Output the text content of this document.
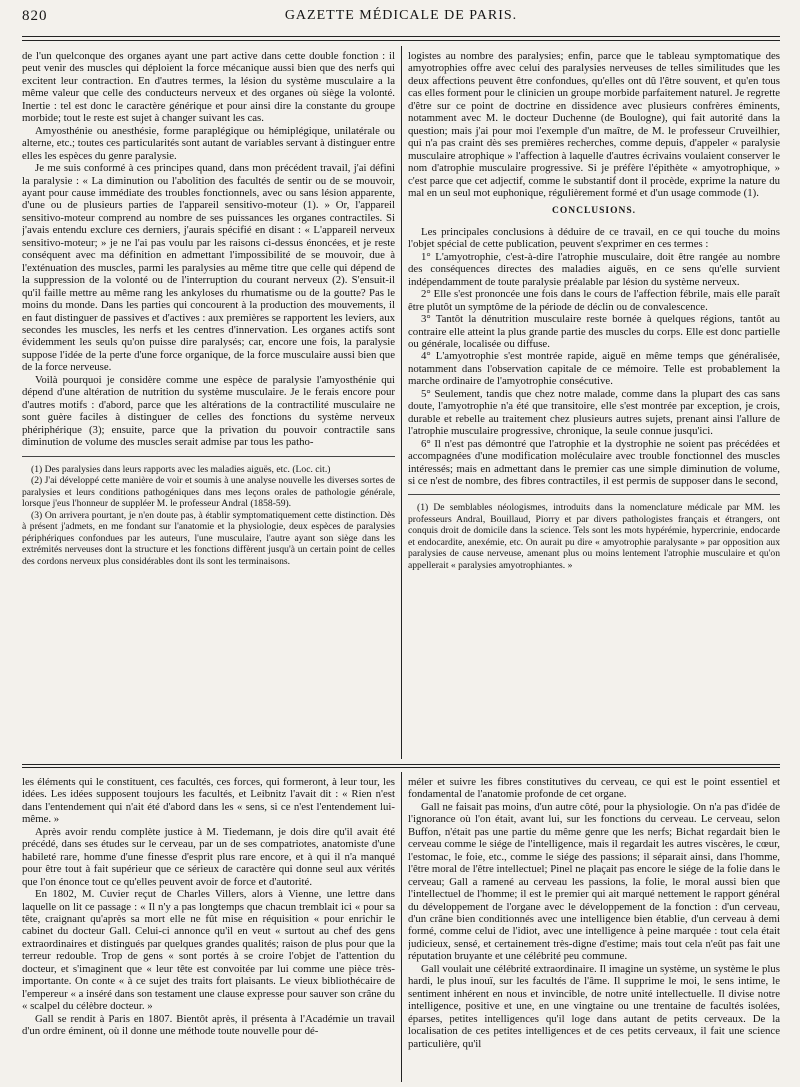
820	GAZETTE MÉDICALE DE PARIS.

de l'un quelconque des organes ayant une part active dans cette double fonction : il peut venir des muscles qui déploient la force mécanique aussi bien que des nerfs qui excitent leur contraction. En d'autres termes, la lésion du système musculaire a la même valeur que celle des conducteurs nerveux et des organes où siège la volonté. Inertie : tel est donc le caractère générique et pour ainsi dire la constante du groupe morbide; tout le reste est sujet à changer suivant les cas.

Amyosthénie ou anesthésie, forme paraplégique ou hémiplégique, unilatérale ou alterne, etc.; toutes ces particularités sont autant de variables servant à distinguer entre elles les espèces du genre paralysie.

Je me suis conformé à ces principes quand, dans mon précédent travail, j'ai défini la paralysie : « La diminution ou l'abolition des facultés de sentir ou de se mouvoir, ayant pour cause immédiate des troubles fonctionnels, avec ou sans lésion apparente, d'une ou de plusieurs parties de l'appareil sensitivo-moteur (1). » Or, l'appareil sensitivo-moteur comprend au nombre de ses puissances les organes contractiles. Si j'avais entendu exclure ces derniers, j'aurais spécifié en disant : « L'appareil nerveux sensitivo-moteur; » je ne l'ai pas voulu par les raisons ci-dessus énoncées, et je reste conséquent avec ma définition en admettant l'impossibilité de se mouvoir, due à l'exténuation des muscles, parmi les paralysies au même titre que celle qui dépend de la suppression de la volonté ou de l'interruption du courant nerveux (2). S'ensuit-il qu'il faille mettre au même rang les ankyloses du rhumatisme ou de la goutte? Pas le moins du monde. Dans les parties qui concourent à la production des mouvements, il en faut distinguer de passives et d'actives : aux premières se rapportent les leviers, aux secondes les muscles, les nerfs et les centres d'innervation. Les organes actifs sont évidemment les seuls qu'on puisse dire paralysés; car, encore une fois, la paralysie suppose l'idée de la perte d'une force organique, de la force musculaire aussi bien que de la force nerveuse.

Voilà pourquoi je considère comme une espèce de paralysie l'amyosthénie qui dépend d'une altération de nutrition du système musculaire. Je le ferais encore pour d'autres motifs : d'abord, parce que les altérations de la contractilité musculaire ne sont guère faciles à distinguer de celles des fonctions du système nerveux phériphérique (3); ensuite, parce que la privation du pouvoir contractile sans diminution de volume des muscles serait admise par tous les patho-

(1) Des paralysies dans leurs rapports avec les maladies aiguës, etc. (Loc. cit.)

(2) J'ai développé cette manière de voir et soumis à une analyse nouvelle les diverses sortes de paralysies et leurs conditions pathogéniques dans mes leçons orales de pathologie générale, lorsque j'eus l'honneur de suppléer M. le professeur Andral (1858-59).

(3) On arrivera pourtant, je n'en doute pas, à établir symptomatiquement cette distinction. Dès à présent j'admets, en me fondant sur l'anatomie et la physiologie, deux espèces de paralysies périphériques confondues par les auteurs, l'une musculaire, l'autre ayant son siège dans les extrémités nerveuses dont la structure et les fonctions diffèrent jusqu'à un certain point de celles des cordons nerveux plus considérables dont ils sont les terminaisons.

logistes au nombre des paralysies; enfin, parce que le tableau symptomatique des amyotrophies offre avec celui des paralysies nerveuses de telles similitudes que les deux affections peuvent être confondues, qu'elles ont dû l'être souvent, et qu'en tous cas elles forment pour le clinicien un groupe morbide parfaitement naturel. Je regrette d'être sur ce point de doctrine en dissidence avec plusieurs confrères éminents, notamment avec M. le docteur Duchenne (de Boulogne), qui fait autorité dans la question; mais j'ai pour moi l'exemple d'un maître, de M. le professeur Cruveilhier, qui n'a pas craint dès ses premières recherches, comme depuis, d'appeler « paralysie musculaire atrophique » l'affection à laquelle d'autres écrivains voulaient conserver le nom d'atrophie musculaire progressive. Si je préfère l'épithète « amyotrophique, » c'est parce que cet adjectif, comme le substantif dont il procède, exprime la nature du mal en un seul mot euphonique, régulièrement formé et d'un usage commode (1).

CONCLUSIONS.

Les principales conclusions à déduire de ce travail, en ce qui touche du moins l'objet spécial de cette publication, peuvent s'exprimer en ces termes :

1° L'amyotrophie, c'est-à-dire l'atrophie musculaire, doit être rangée au nombre des conséquences directes des maladies aiguës, en ce sens qu'elle survient indépendamment de toute paralysie préalable par lésion du système nerveux.

2° Elle s'est prononcée une fois dans le cours de l'affection fébrile, mais elle paraît être plutôt un symptôme de la période de déclin ou de convalescence.

3° Tantôt la dénutrition musculaire reste bornée à quelques régions, tantôt au contraire elle atteint la plus grande partie des muscles du corps. Elle est donc partielle ou générale, localisée ou diffuse.

4° L'amyotrophie s'est montrée rapide, aiguë en même temps que généralisée, notamment dans l'observation capitale de ce mémoire. Telle est probablement la marche ordinaire de l'amyotrophie consécutive.

5° Seulement, tandis que chez notre malade, comme dans la plupart des cas sans doute, l'amyotrophie n'a été que transitoire, elle s'est montrée par exception, je crois, durable et rebelle au traitement chez plusieurs autres sujets, prenant ainsi l'allure de l'atrophie musculaire progressive, chronique, la seule connue jusqu'ici.

6° Il n'est pas démontré que l'atrophie et la dystrophie ne soient pas précédées et accompagnées d'une modification moléculaire avec trouble fonctionnel des muscles intéressés; mais en admettant dans le premier cas une simple diminution de volume, si ce n'est de nombre, des fibres contractiles, il est permis de supposer dans le second,

(1) De semblables néologismes, introduits dans la nomenclature médicale par MM. les professeurs Andral, Bouillaud, Piorry et par divers pathologistes français et étrangers, ont conquis droit de domicile dans la science. Tels sont les mots hypérémie, hypercrinie, endocarde et endocardite, anexémie, etc. On aurait pu dire « amyotrophie paralysante » par opposition aux paralysies de cause nerveuse, amenant plus ou moins lentement l'atrophie musculaire et qu'on appellerait « paralysies amyotrophiantes. »

les éléments qui le constituent, ces facultés, ces forces, qui formeront, à leur tour, les idées. Les idées supposent toujours les facultés, et Leibnitz l'avait dit : « Rien n'est dans l'entendement qui n'ait été d'abord dans les « sens, si ce n'est l'entendement lui-même. »

Après avoir rendu complète justice à M. Tiedemann, je dois dire qu'il avait été précédé, dans ses études sur le cerveau, par un de ses compatriotes, anatomiste d'une habileté rare, homme d'une finesse d'esprit plus rare encore, et à qui il n'a manqué pour être tout à fait supérieur que ce sérieux de caractère qui donne seul aux vérités que l'on énonce tout ce qu'elles peuvent avoir de force et d'autorité.

En 1802, M. Cuvier reçut de Charles Villers, alors à Vienne, une lettre dans laquelle on lit ce passage : « Il n'y a pas longtemps que chacun tremblait ici « pour sa tête, craignant qu'après sa mort elle ne fût mise en réquisition « pour enrichir le cabinet du docteur Gall. Celui-ci annonce qu'il en veut « surtout au chef des gens extraordinaires et distingués par quelques grandes qualités; raison de plus pour que la terreur redouble. Trop de gens « sont portés à se croire l'objet de l'attention du docteur, et s'imaginent que « leur tête est convoitée par lui comme une pièce très-importante. On conte « à ce sujet des traits fort plaisants. Le vieux bibliothécaire de l'empereur « a inséré dans son testament une clause expresse pour sauver son crâne du « scalpel du célèbre docteur. »

Gall se rendit à Paris en 1807. Bientôt après, il présenta à l'Académie un travail d'un ordre éminent, où il donne une méthode toute nouvelle pour dé-

méler et suivre les fibres constitutives du cerveau, ce qui est le point essentiel et fondamental de l'anatomie profonde de cet organe.

Gall ne faisait pas moins, d'un autre côté, pour la physiologie. On n'a pas d'idée de l'ignorance où l'on était, avant lui, sur les fonctions du cerveau. Le cerveau, selon Buffon, n'était pas une partie du même genre que les nerfs; Bichat regardait bien le cerveau comme le siége de l'intelligence, mais il regardait les autres viscères, le cœur, l'estomac, le foie, etc., comme le siége des passions; il séparait ainsi, dans l'homme, l'être moral de l'être intellectuel; Pinel ne plaçait pas encore le siége de la folie dans le cerveau; Gall a ramené au cerveau les passions, la folie, le moral aussi bien que l'intellectuel de l'homme; il est le premier qui ait marqué nettement le rapport général du développement de l'organe avec le développement de la fonction : d'un cerveau, d'un crâne bien conditionnés avec une intelligence bien établie, d'un cerveau à demi formé, comme celui de l'idiot, avec une intelligence à peine marquée : tout cela était judicieux, sensé, et certainement très-digne d'estime; mais tout cela n'eût pas fait une réputation bruyante et une célébrité peu commune.

Gall voulait une célébrité extraordinaire. Il imagine un système, un système le plus hardi, le plus inouï, sur les facultés de l'âme. Il supprime le moi, le sens intime, le sentiment inhérent en nous et invincible, de notre unité intellectuelle. Il divise notre intelligence, positive et une, en une vingtaine ou une trentaine de facultés isolées, éparses, petites intelligences qu'il loge dans autant de petits cerveaux. De la localisation de ces petites intelligences et de ces petits cerveaux, il fait une science particulière, qu'il
